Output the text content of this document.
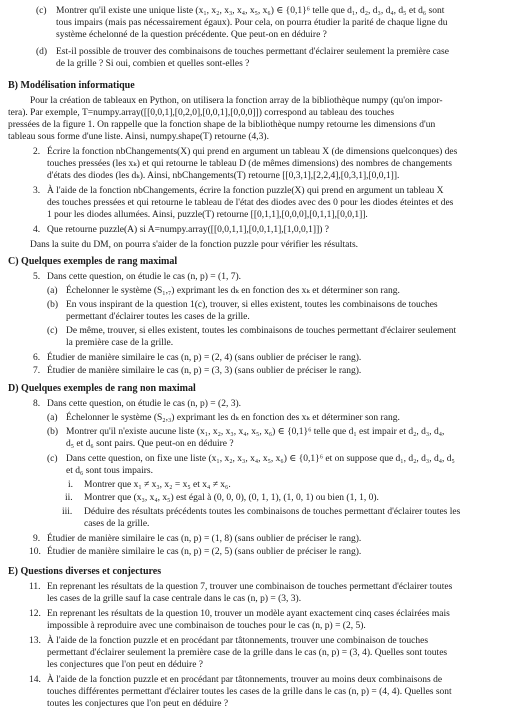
(c) Montrer qu'il existe une unique liste (x₁, x₂, x₃, x₄, x₅, x₆) ∈ {0,1}⁶ telle que d₁, d₂, d₃, d₄, d₅ et d₆ sont
tous impairs (mais pas nécessairement égaux). Pour cela, on pourra étudier la parité de chaque ligne du
système échelonné de la question précédente. Que peut-on en déduire ?
(d) Est-il possible de trouver des combinaisons de touches permettant d'éclairer seulement la première case
de la grille ? Si oui, combien et quelles sont-elles ?
B) Modélisation informatique
Pour la création de tableaux en Python, on utilisera la fonction array de la bibliothèque numpy (qu'on impor-
tera). Par exemple, T=numpy.array([[0,0,1],[0,2,0],[0,0,1],[0,0,0]]) correspond au tableau des touches
pressées de la figure 1. On rappelle que la fonction shape de la bibliothèque numpy retourne les dimensions d'un
tableau sous forme d'une liste. Ainsi, numpy.shape(T) retourne (4,3).
2. Écrire la fonction nbChangements(X) qui prend en argument un tableau X (de dimensions quelconques) des
touches pressées (les xₖ) et qui retourne le tableau D (de mêmes dimensions) des nombres de changements
d'états des diodes (les dₖ). Ainsi, nbChangements(T) retourne [[0,3,1],[2,2,4],[0,3,1],[0,0,1]].
3. À l'aide de la fonction nbChangements, écrire la fonction puzzle(X) qui prend en argument un tableau X
des touches pressées et qui retourne le tableau de l'état des diodes avec des 0 pour les diodes éteintes et des
1 pour les diodes allumées. Ainsi, puzzle(T) retourne [[0,1,1],[0,0,0],[0,1,1],[0,0,1]].
4. Que retourne puzzle(A) si A=numpy.array([[0,0,1,1],[0,0,1,1],[1,0,0,1]]) ?
Dans la suite du DM, on pourra s'aider de la fonction puzzle pour vérifier les résultats.
C) Quelques exemples de rang maximal
5. Dans cette question, on étudie le cas (n, p) = (1, 7).
(a) Échelonner le système (S₁,₇) exprimant les dₖ en fonction des xₖ et déterminer son rang.
(b) En vous inspirant de la question 1(c), trouver, si elles existent, toutes les combinaisons de touches
permettant d'éclairer toutes les cases de la grille.
(c) De même, trouver, si elles existent, toutes les combinaisons de touches permettant d'éclairer seulement
la première case de la grille.
6. Étudier de manière similaire le cas (n, p) = (2, 4) (sans oublier de préciser le rang).
7. Étudier de manière similaire le cas (n, p) = (3, 3) (sans oublier de préciser le rang).
D) Quelques exemples de rang non maximal
8. Dans cette question, on étudie le cas (n, p) = (2, 3).
(a) Échelonner le système (S₂,₃) exprimant les dₖ en fonction des xₖ et déterminer son rang.
(b) Montrer qu'il n'existe aucune liste (x₁, x₂, x₃, x₄, x₅, x₆) ∈ {0,1}⁶ telle que d₁ est impair et d₂, d₃, d₄,
d₅ et d₆ sont pairs. Que peut-on en déduire ?
(c) Dans cette question, on fixe une liste (x₁, x₂, x₃, x₄, x₅, x₆) ∈ {0,1}⁶ et on suppose que d₁, d₂, d₃, d₄, d₅
et d₆ sont tous impairs.
i. Montrer que x₁ ≠ x₃, x₂ = x₅ et x₄ ≠ x₆.
ii. Montrer que (x₃, x₄, x₅) est égal à (0, 0, 0), (0, 1, 1), (1, 0, 1) ou bien (1, 1, 0).
iii. Déduire des résultats précédents toutes les combinaisons de touches permettant d'éclairer toutes les
cases de la grille.
9. Étudier de manière similaire le cas (n, p) = (1, 8) (sans oublier de préciser le rang).
10. Étudier de manière similaire le cas (n, p) = (2, 5) (sans oublier de préciser le rang).
E) Questions diverses et conjectures
11. En reprenant les résultats de la question 7, trouver une combinaison de touches permettant d'éclairer toutes
les cases de la grille sauf la case centrale dans le cas (n, p) = (3, 3).
12. En reprenant les résultats de la question 10, trouver un modèle ayant exactement cinq cases éclairées mais
impossible à reproduire avec une combinaison de touches pour le cas (n, p) = (2, 5).
13. À l'aide de la fonction puzzle et en procédant par tâtonnements, trouver une combinaison de touches
permettant d'éclairer seulement la première case de la grille dans le cas (n, p) = (3, 4). Quelles sont toutes
les conjectures que l'on peut en déduire ?
14. À l'aide de la fonction puzzle et en procédant par tâtonnements, trouver au moins deux combinaisons de
touches différentes permettant d'éclairer toutes les cases de la grille dans le cas (n, p) = (4, 4). Quelles sont
toutes les conjectures que l'on peut en déduire ?
